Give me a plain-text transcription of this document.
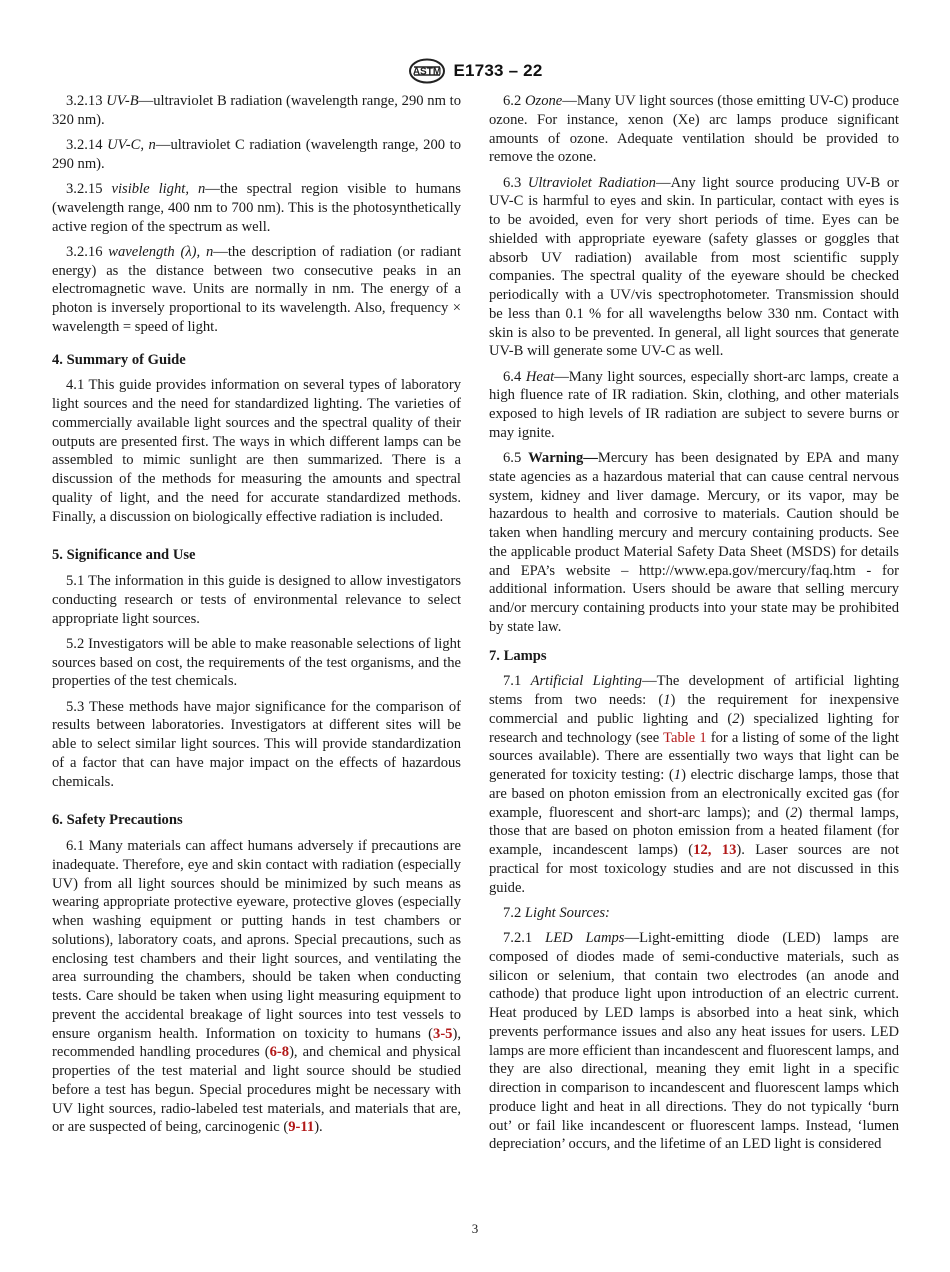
ASTM E1733 – 22

3.2.13 UV-B—ultraviolet B radiation (wavelength range, 290 nm to 320 nm).

3.2.14 UV-C, n—ultraviolet C radiation (wavelength range, 200 to 290 nm).

3.2.15 visible light, n—the spectral region visible to humans (wavelength range, 400 nm to 700 nm). This is the photosynthetically active region of the spectrum as well.

3.2.16 wavelength (λ), n—the description of radiation (or radiant energy) as the distance between two consecutive peaks in an electromagnetic wave. Units are normally in nm. The energy of a photon is inversely proportional to its wavelength. Also, frequency × wavelength = speed of light.

4. Summary of Guide

4.1 This guide provides information on several types of laboratory light sources and the need for standardized lighting. The varieties of commercially available light sources and the spectral quality of their outputs are presented first. The ways in which different lamps can be assembled to mimic sunlight are then summarized. There is a discussion of the methods for measuring the amounts and spectral quality of light, and the need for accurate standardized methods. Finally, a discussion on biologically effective radiation is included.

5. Significance and Use

5.1 The information in this guide is designed to allow investigators conducting research or tests of environmental relevance to select appropriate light sources.

5.2 Investigators will be able to make reasonable selections of light sources based on cost, the requirements of the test organisms, and the properties of the test chemicals.

5.3 These methods have major significance for the comparison of results between laboratories. Investigators at different sites will be able to select similar light sources. This will provide standardization of a factor that can have major impact on the effects of hazardous chemicals.

6. Safety Precautions

6.1 Many materials can affect humans adversely if precautions are inadequate. Therefore, eye and skin contact with radiation (especially UV) from all light sources should be minimized by such means as wearing appropriate protective eyeware, protective gloves (especially when washing equipment or putting hands in test chambers or solutions), laboratory coats, and aprons. Special precautions, such as enclosing test chambers and their light sources, and ventilating the area surrounding the chambers, should be taken when conducting tests. Care should be taken when using light measuring equipment to prevent the accidental breakage of light sources into test vessels to ensure organism health. Information on toxicity to humans (3-5), recommended handling procedures (6-8), and chemical and physical properties of the test material and light source should be studied before a test has begun. Special procedures might be necessary with UV light sources, radio-labeled test materials, and materials that are, or are suspected of being, carcinogenic (9-11).

6.2 Ozone—Many UV light sources (those emitting UV-C) produce ozone. For instance, xenon (Xe) arc lamps produce significant amounts of ozone. Adequate ventilation should be provided to remove the ozone.

6.3 Ultraviolet Radiation—Any light source producing UV-B or UV-C is harmful to eyes and skin. In particular, contact with eyes is to be avoided, even for very short periods of time. Eyes can be shielded with appropriate eyeware (safety glasses or goggles that absorb UV radiation) available from most scientific supply companies. The spectral quality of the eyeware should be checked periodically with a UV/vis spectrophotometer. Transmission should be less than 0.1 % for all wavelengths below 330 nm. Contact with skin is also to be prevented. In general, all light sources that generate UV-B will generate some UV-C as well.

6.4 Heat—Many light sources, especially short-arc lamps, create a high fluence rate of IR radiation. Skin, clothing, and other materials exposed to high levels of IR radiation are subject to severe burns or may ignite.

6.5 Warning—Mercury has been designated by EPA and many state agencies as a hazardous material that can cause central nervous system, kidney and liver damage. Mercury, or its vapor, may be hazardous to health and corrosive to materials. Caution should be taken when handling mercury and mercury containing products. See the applicable product Material Safety Data Sheet (MSDS) for details and EPA’s website – http://www.epa.gov/mercury/faq.htm - for additional information. Users should be aware that selling mercury and/or mercury containing products into your state may be prohibited by state law.

7. Lamps

7.1 Artificial Lighting—The development of artificial lighting stems from two needs: (1) the requirement for inexpensive commercial and public lighting and (2) specialized lighting for research and technology (see Table 1 for a listing of some of the light sources available). There are essentially two ways that light can be generated for toxicity testing: (1) electric discharge lamps, those that are based on photon emission from an electronically excited gas (for example, fluorescent and short-arc lamps); and (2) thermal lamps, those that are based on photon emission from a heated filament (for example, incandescent lamps) (12, 13). Laser sources are not practical for most toxicology studies and are not discussed in this guide.

7.2 Light Sources:

7.2.1 LED Lamps—Light-emitting diode (LED) lamps are composed of diodes made of semi-conductive materials, such as silicon or selenium, that contain two electrodes (an anode and cathode) that produce light upon introduction of an electric current. Heat produced by LED lamps is absorbed into a heat sink, which prevents performance issues and also any heat issues for users. LED lamps are more efficient than incandescent and fluorescent lamps, and they are also directional, meaning they emit light in a specific direction in comparison to incandescent and fluorescent lamps which produce light and heat in all directions. They do not typically ‘burn out’ or fail like incandescent or fluorescent lamps. Instead, ‘lumen depreciation’ occurs, and the lifetime of an LED light is considered

3
